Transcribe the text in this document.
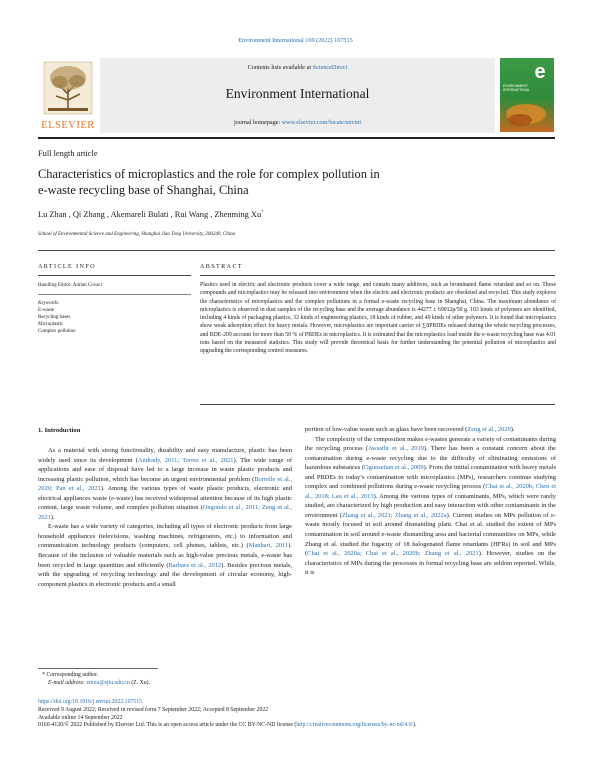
Environment International 169 (2022) 107515
ELSEVIER
Contents lists available at ScienceDirect
Environment International
journal homepage: www.elsevier.com/locate/envint
e
ENVIRONMENT INTERNATIONAL
Full length article
Characteristics of microplastics and the role for complex pollution in
e-waste recycling base of Shanghai, China
Lu Zhan , Qi Zhang , Akemareli Bulati , Rui Wang , Zhenming Xu*
School of Environmental Science and Engineering, Shanghai Jiao Tong University, 200240, China
ARTICLE INFO	ABSTRACT
Handling Editor: Adrian Covaci
Keywords:
E-waste
Recycling bases
Microplastic
Complex pollution
Plastics used in electric and electronic products cover a wide range, and contain many additives, such as brominated flame retardant and so on. These compounds and microplastics may be released into environment when the electric and electronic products are obsoleted and recycled. This study explores the characteristics of microplastics and the complex pollutions in a formal e-waste recycling base in Shanghai, China. The maximum abundance of microplastics is observed in dust samples of the recycling base and the average abundance is 44277 ± 69012p/50 g. 103 kinds of polymers are identified, including 4 kinds of packaging plastics, 32 kinds of engineering plastics, 18 kinds of rubber, and 49 kinds of other polymers. It is found that microplastics show weak adsorption effect for heavy metals. However, microplastics are important carrier of ∑8PBDEs released during the whole recycling processes, and BDE-209 account for more than 50 % of PBDEs in microplastics. It is estimated that the microplastics load inside the e-waste recycling base was 4.01 tons based on the measured statistics. This study will provide theoretical basis for further understanding the potential pollution of microplastics and upgrading the corresponding control measures.
1. Introduction

As a material with strong functionality, durability and easy manufacture, plastic has been widely used since its development (Andrady, 2011; Torres et al., 2021). The wide range of applications and ease of disposal have led to a large increase in waste plastic products and increasing plastic pollution, which has become an urgent environmental problem (Borrelle et al., 2020; Pan et al., 2021). Among the various types of waste plastic products, electronic and electrical appliances waste (e-waste) has received widespread attention because of its high plastic content, large waste volume, and complex pollution situation (Ongondo et al., 2011; Zeng et al., 2021).

E-waste has a wide variety of categories, including all types of electronic products from large household appliances (televisions, washing machines, refrigerators, etc.) to information and communication technology products (computers, cell phones, tablets, etc.) (Manhart, 2011). Because of the inclusion of valuable materials such as high-value precious metals, e-waste has been recycled in large quantities and efficiently (Barbara et al., 2012). Besides precious metals, with the upgrading of recycling technology and the development of circular economy, high-component plastics in electronic products and a small

portion of low-value waste such as glass have been recovered (Zeng et al., 2020).

The complexity of the composition makes e-wastes generate a variety of contaminants during the recycling process (Awasthi et al., 2019). There has been a constant concern about the contamination during e-waste recycling due to the difficulty of eliminating emissions of hazardous substances (Ogunseitan et al., 2009). From the initial contamination with heavy metals and PBDEs to today’s contamination with microplastics (MPs), researchers continue studying complex and combined pollutions during e-waste recycling process (Chai et al., 2020b; Chen et al., 2018; Lau et al., 2013). Among the various types of contaminants, MPs, which were rarely studied, are characterized by high production and easy interaction with other contaminants in the environment (Zhang et al., 2021; Zhang et al., 2022a). Current studies on MPs pollution of e-waste mostly focused in soil around dismantling plant. Chai et al. studied the extent of MPs contamination in soil around e-waste dismantling area and bacterial communities on MPs, while Zhang et al. studied the fugacity of 18 halogenated flame retardants (HFRs) in soil and MPs (Chai et al., 2020a; Chai et al., 2020b; Zhang et al., 2021). However, studies on the characteristics of MPs during the processes in formal recycling base are seldom reported. While, it is

* Corresponding author.
E-mail address: zmxu@sjtu.edu.cn (Z. Xu).
https://doi.org/10.1016/j.envint.2022.107515
Received 9 August 2022; Received in revised form 7 September 2022; Accepted 8 September 2022
Available online 14 September 2022
0160-4120/© 2022 Published by Elsevier Ltd. This is an open access article under the CC BY-NC-ND license (http://creativecommons.org/licenses/by-nc-nd/4.0/).
